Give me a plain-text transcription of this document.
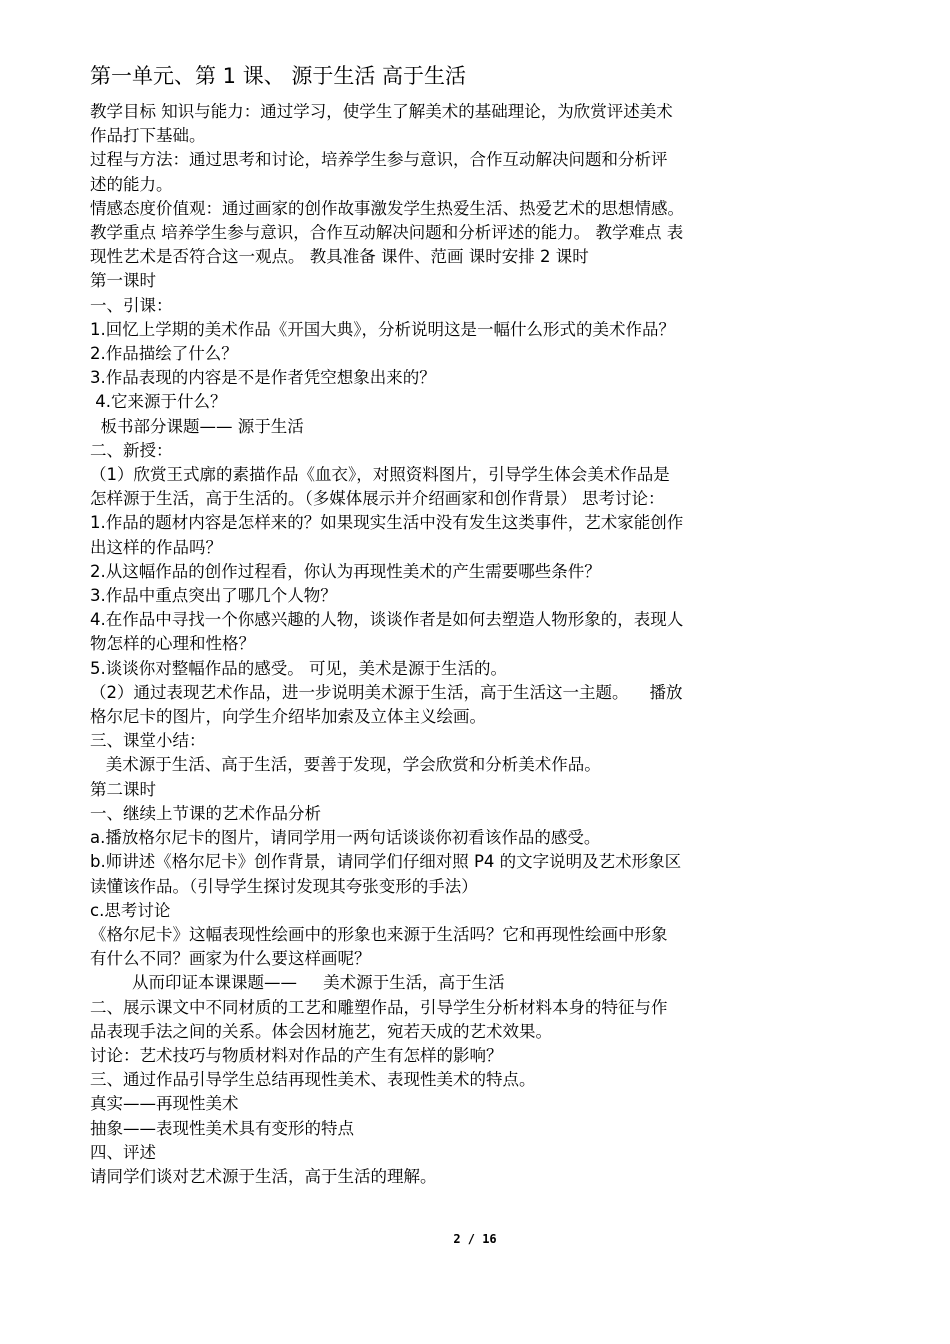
第一单元、第 1 课、 源于生活 高于生活
教学目标 知识与能力：通过学习，使学生了解美术的基础理论，为欣赏评述美术
作品打下基础。
过程与方法：通过思考和讨论，培养学生参与意识，合作互动解决问题和分析评
述的能力。
情感态度价值观：通过画家的创作故事激发学生热爱生活、热爱艺术的思想情感。
教学重点 培养学生参与意识，合作互动解决问题和分析评述的能力。 教学难点 表
现性艺术是否符合这一观点。 教具准备 课件、范画 课时安排 2 课时
第一课时
一、引课：
1.回忆上学期的美术作品《开国大典》，分析说明这是一幅什么形式的美术作品？
2.作品描绘了什么？
3.作品表现的内容是不是作者凭空想象出来的？
4.它来源于什么？
板书部分课题—— 源于生活
二、新授：
（1）欣赏王式廓的素描作品《血衣》，对照资料图片，引导学生体会美术作品是
怎样源于生活，高于生活的。（多媒体展示并介绍画家和创作背景） 思考讨论：
1.作品的题材内容是怎样来的？如果现实生活中没有发生这类事件，艺术家能创作
出这样的作品吗？
2.从这幅作品的创作过程看，你认为再现性美术的产生需要哪些条件？
3.作品中重点突出了哪几个人物？
4.在作品中寻找一个你感兴趣的人物，谈谈作者是如何去塑造人物形象的，表现人
物怎样的心理和性格？
5.谈谈你对整幅作品的感受。 可见，美术是源于生活的。
（2）通过表现艺术作品，进一步说明美术源于生活，高于生活这一主题。    播放
格尔尼卡的图片，向学生介绍毕加索及立体主义绘画。
三、课堂小结：
美术源于生活、高于生活，要善于发现，学会欣赏和分析美术作品。
第二课时
一、继续上节课的艺术作品分析
a.播放格尔尼卡的图片，请同学用一两句话谈谈你初看该作品的感受。
b.师讲述《格尔尼卡》创作背景，请同学们仔细对照 P4 的文字说明及艺术形象区
读懂该作品。（引导学生探讨发现其夸张变形的手法）
c.思考讨论
《格尔尼卡》这幅表现性绘画中的形象也来源于生活吗？它和再现性绘画中形象
有什么不同？画家为什么要这样画呢？
从而印证本课课题——     美术源于生活，高于生活
二、展示课文中不同材质的工艺和雕塑作品，引导学生分析材料本身的特征与作
品表现手法之间的关系。体会因材施艺，宛若天成的艺术效果。
讨论：艺术技巧与物质材料对作品的产生有怎样的影响？
三、通过作品引导学生总结再现性美术、表现性美术的特点。
真实——再现性美术
抽象——表现性美术具有变形的特点
四、评述
请同学们谈对艺术源于生活，高于生活的理解。
2 / 16
